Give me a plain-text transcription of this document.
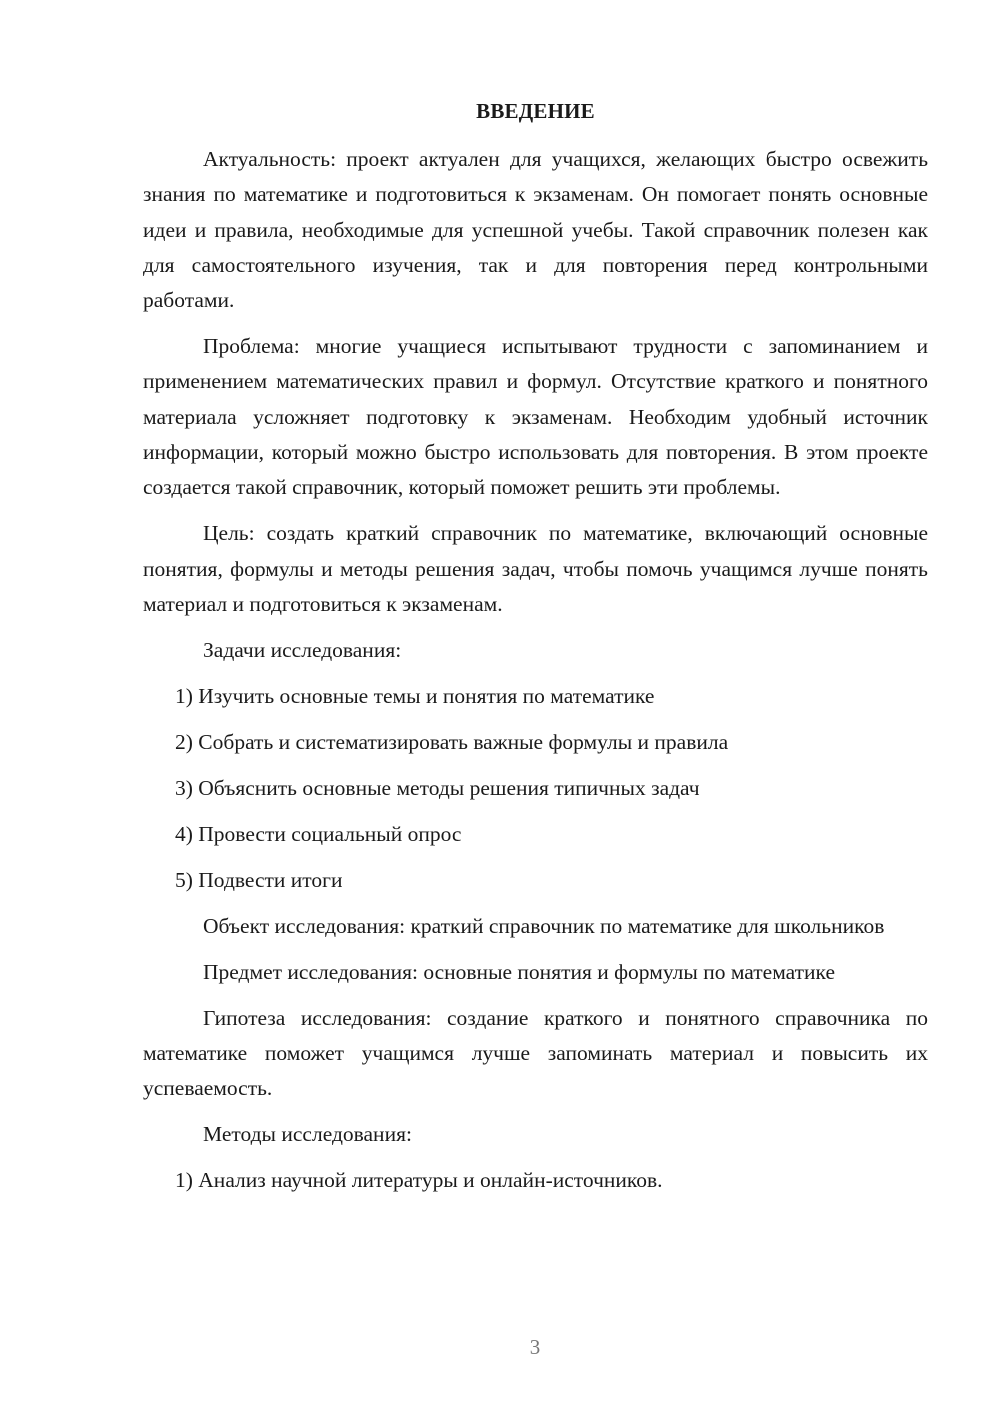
ВВЕДЕНИЕ

Актуальность: проект актуален для учащихся, желающих быстро освежить знания по математике и подготовиться к экзаменам. Он помогает понять основные идеи и правила, необходимые для успешной учебы. Такой справочник полезен как для самостоятельного изучения, так и для повторения перед контрольными работами.

Проблема: многие учащиеся испытывают трудности с запоминанием и применением математических правил и формул. Отсутствие краткого и понятного материала усложняет подготовку к экзаменам. Необходим удобный источник информации, который можно быстро использовать для повторения. В этом проекте создается такой справочник, который поможет решить эти проблемы.

Цель: создать краткий справочник по математике, включающий основные понятия, формулы и методы решения задач, чтобы помочь учащимся лучше понять материал и подготовиться к экзаменам.

Задачи исследования:

1) Изучить основные темы и понятия по математике

2) Собрать и систематизировать важные формулы и правила

3) Объяснить основные методы решения типичных задач

4) Провести социальный опрос

5) Подвести итоги

Объект исследования: краткий справочник по математике для школьников

Предмет исследования: основные понятия и формулы по математике

Гипотеза исследования: создание краткого и понятного справочника по математике поможет учащимся лучше запоминать материал и повысить их успеваемость.

Методы исследования:

1) Анализ научной литературы и онлайн-источников.

3
